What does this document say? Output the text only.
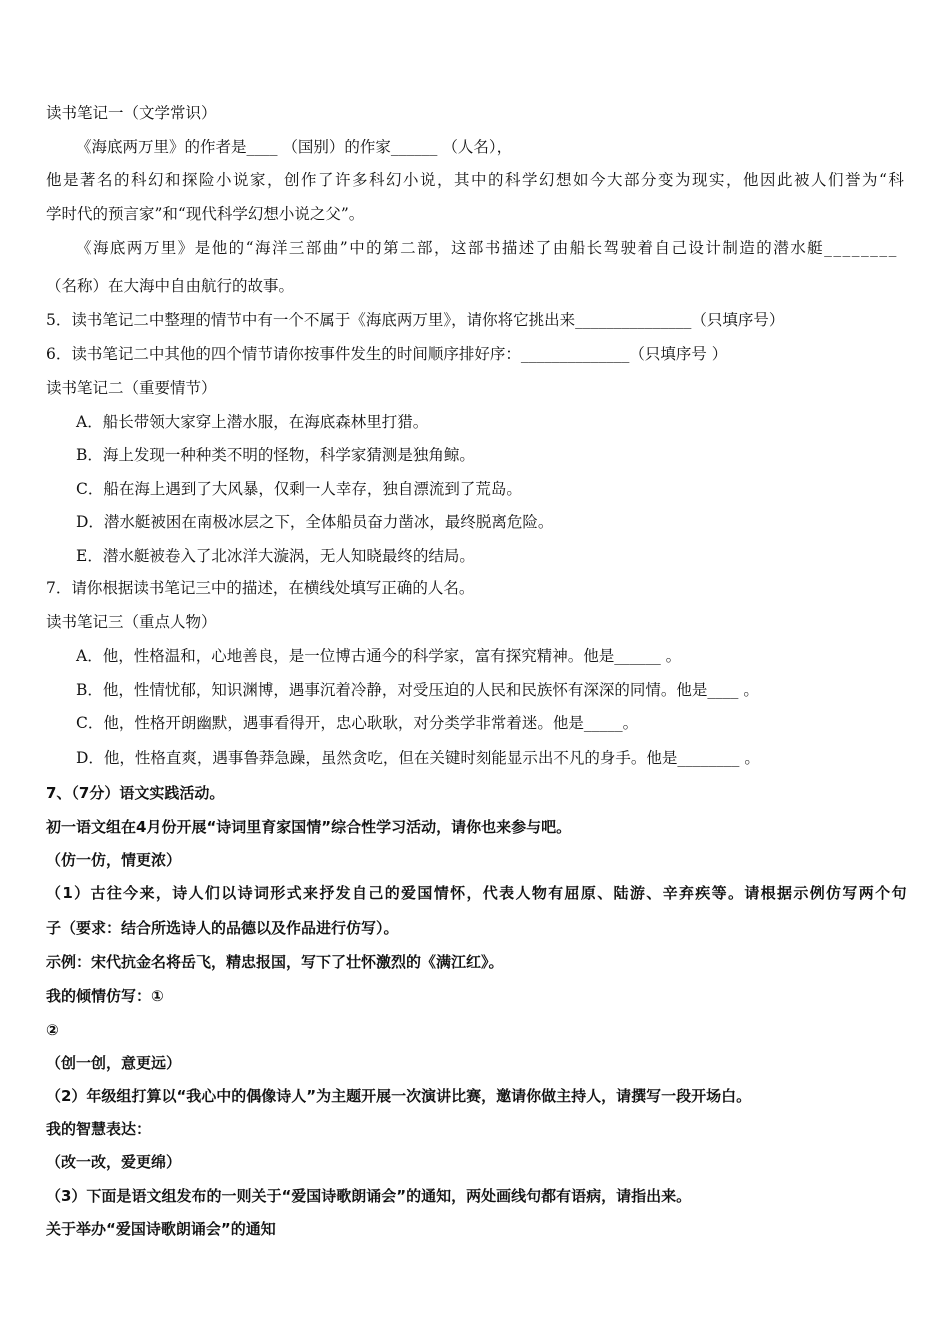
读书笔记一（文学常识）
《海底两万里》的作者是____ （国别）的作家______ （人名），
他是著名的科幻和探险小说家，创作了许多科幻小说，其中的科学幻想如今大部分变为现实，他因此被人们誉为“科
学时代的预言家”和“现代科学幻想小说之父”。
《海底两万里》是他的“海洋三部曲”中的第二部，这部书描述了由船长驾驶着自己设计制造的潜水艇________
（名称）在大海中自由航行的故事。
5．读书笔记二中整理的情节中有一个不属于《海底两万里》，请你将它挑出来_______________（只填序号）
6．读书笔记二中其他的四个情节请你按事件发生的时间顺序排好序：______________（只填序号 ）
读书笔记二（重要情节）
A．船长带领大家穿上潜水服，在海底森林里打猎。
B．海上发现一种种类不明的怪物，科学家猜测是独角鲸。
C．船在海上遇到了大风暴，仅剩一人幸存，独自漂流到了荒岛。
D．潜水艇被困在南极冰层之下，全体船员奋力凿冰，最终脱离危险。
E．潜水艇被卷入了北冰洋大漩涡，无人知晓最终的结局。
7．请你根据读书笔记三中的描述，在横线处填写正确的人名。
读书笔记三（重点人物）
A．他，性格温和，心地善良，是一位博古通今的科学家，富有探究精神。他是______ 。
B．他，性情忧郁，知识渊博，遇事沉着冷静，对受压迫的人民和民族怀有深深的同情。他是____ 。
C．他，性格开朗幽默，遇事看得开，忠心耿耿，对分类学非常着迷。他是_____。
D．他，性格直爽，遇事鲁莽急躁，虽然贪吃，但在关键时刻能显示出不凡的身手。他是________ 。
7、（7分）语文实践活动。
初一语文组在4月份开展“诗词里育家国情”综合性学习活动，请你也来参与吧。
（仿一仿，情更浓）
（1）古往今来，诗人们以诗词形式来抒发自己的爱国情怀，代表人物有屈原、陆游、辛弃疾等。请根据示例仿写两个句
子（要求：结合所选诗人的品德以及作品进行仿写）。
示例：宋代抗金名将岳飞，精忠报国，写下了壮怀激烈的《满江红》。
我的倾情仿写：①
②
（创一创，意更远）
（2）年级组打算以“我心中的偶像诗人”为主题开展一次演讲比赛，邀请你做主持人，请撰写一段开场白。
我的智慧表达：
（改一改，爱更绵）
（3）下面是语文组发布的一则关于“爱国诗歌朗诵会”的通知，两处画线句都有语病，请指出来。
关于举办“爱国诗歌朗诵会”的通知
